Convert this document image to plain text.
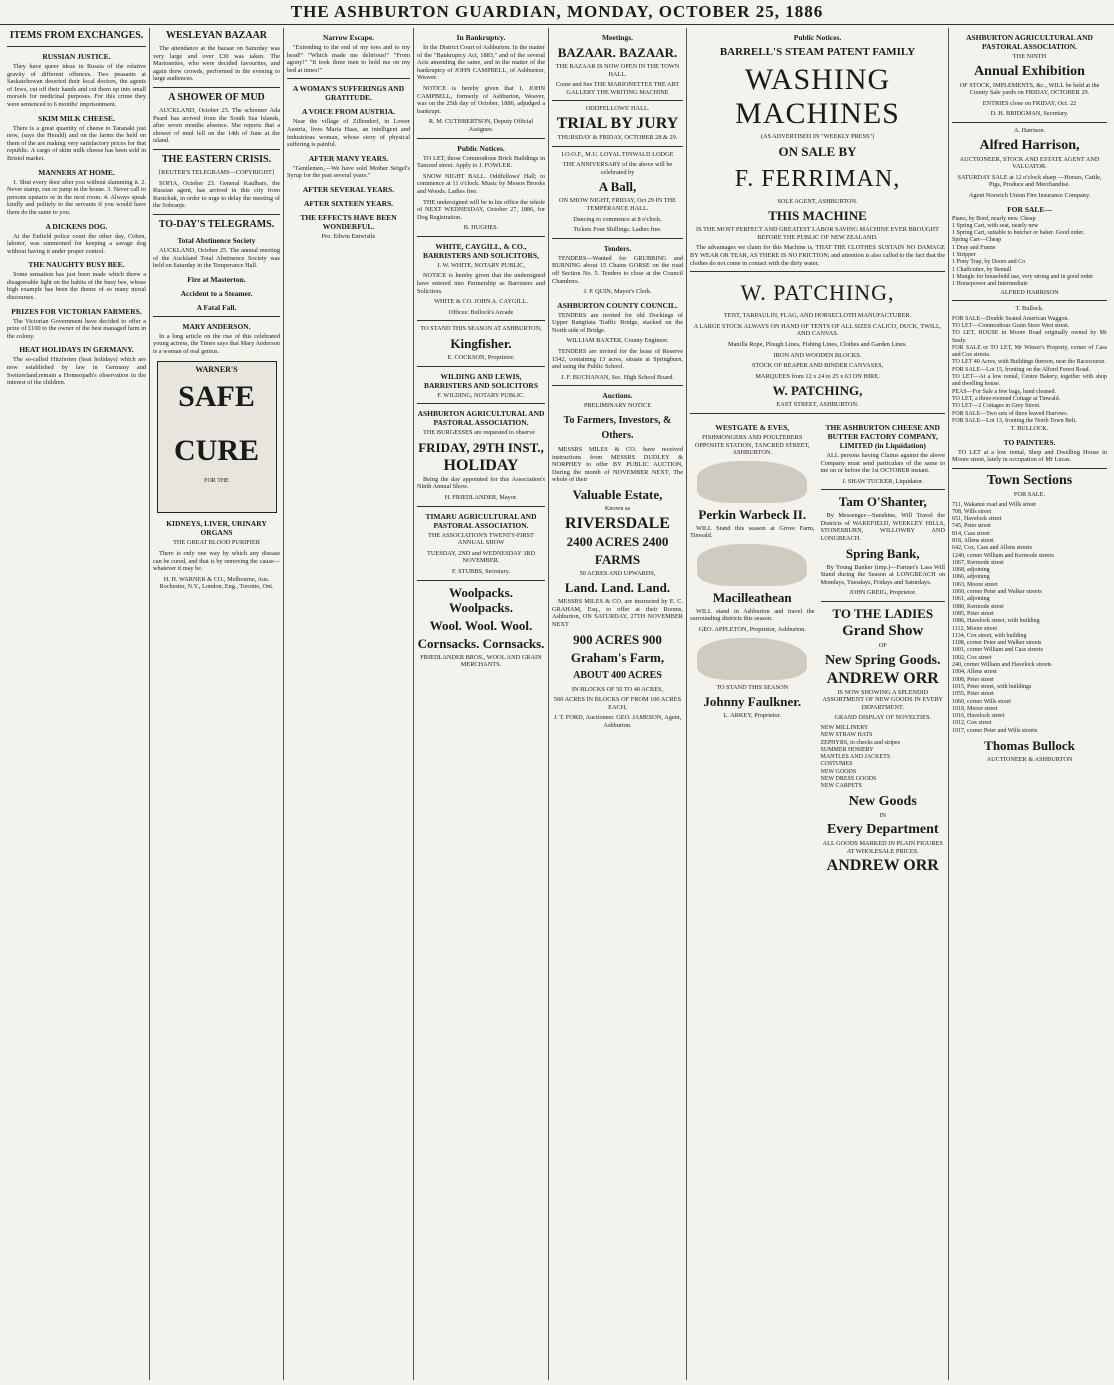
THE ASHBURTON GUARDIAN, MONDAY, OCTOBER 25, 1886
ITEMS FROM EXCHANGES.
RUSSIAN JUSTICE.

They have queer ideas in Russia of the relative gravity of different offences. Two peasants at Saskatchewan deserted their local doctors, the agents of Jews, cut off their hands and cut them up into small morsels for medicinal purposes. For this crime they were sentenced to 6 months' imprisonment.

SKIM MILK CHEESE.

There is a great quantity of cheese to Taranaki just now, (says the Herald) and on the farms the held on them of the are making very satisfactory prices for that republic. A cargo of skim milk cheese has been sold in Bristol market.

MANNERS AT HOME.

1. Shut every door after you without slamming it. 2. Never stamp, run or jump in the house. 3. Never call to persons upstairs or in the next room. 4. Always speak kindly and politely to the servants if you would have them do the same to you.

A DICKENS DOG.

At the Enfield police court the other day, Cohen, laborer, was summoned for keeping a savage dog without having it under proper control.

THE NAUGHTY BUSY BEE.

Some sensation has just been made which threw a disagreeable light on the habits of the busy bee, whose high example has been the theme of so many moral discourses.

PRIZES FOR VICTORIAN FARMERS.

The Victorian Government have decided to offer a prize of £100 to the owner of the best managed farm in the colony.

HEAT HOLIDAYS IN GERMANY.

The so-called Hitzferien (heat holidays) which are now established by law in Germany and Switzerland,remain a Homeopath's observation in the interest of the children.

WESLEYAN BAZAAR

The attendance at the bazaar on Saturday was very large and over £30 was taken. The Marionettes, who were decided favourites, and again drew crowds, performed in the evening to large audiences.

A SHOWER OF MUD

AUCKLAND, October 25. The schooner Ada Peard has arrived from the South Sea Islands, after seven months absence. She reports that a shower of mud fell on the 14th of June at the island.

THE EASTERN CRISIS.

[REUTER'S TELEGRAMS—COPYRIGHT]

SOFIA, October 23. General Kaulbars, the Russian agent, has arrived in this city from Rustchuk, in order to urge to delay the meeting of the Sobranje.

TO-DAY'S TELEGRAMS.
Total Abstinence Society

AUCKLAND, October 25. The annual meeting of the Auckland Total Abstinence Society was held on Saturday in the Temperance Hall.

Fire at Masterton.
Accident to a Steamer.
A Fatal Fall.
MARY ANDERSON.

In a long article on the rise of this celebrated young actress, the Times says that Mary Anderson is a woman of real genius.

WARNER'S
SAFE
CURE
FOR THE
KIDNEYS, LIVER, URINARY ORGANS

THE GREAT BLOOD PURIFIER

There is only one way by which any disease can be cured, and that is by removing the cause—whatever it may be.

H. H. WARNER & CO., Melbourne, Aus. Rochester, N.Y., London, Eng., Toronto, Ont.

Narrow Escape.

"Extending to the end of my toes and to my head!" "Which made me delirious!" "From agony!" "It took three men to hold me on my bed at times!"

A WOMAN'S SUFFERINGS AND GRATITUDE.
A VOICE FROM AUSTRIA.

Near the village of Zillendorf, in Lower Austria, lives Maria Haas, an intelligent and industrious woman, whose story of physical suffering is painful.

AFTER MANY YEARS.

"Gentlemen,—We have sold Mother Seigel's Syrup for the past several years."

AFTER SEVERAL YEARS.
AFTER SIXTEEN YEARS.
THE EFFECTS HAVE BEEN WONDERFUL.

Pro. Edwin Entwistle

In Bankruptcy.

In the District Court of Ashburton. In the matter of the "Bankruptcy Act, 1883," and of the several Acts amending the same, and in the matter of the bankruptcy of JOHN CAMPBELL, of Ashburton, Weaver.

NOTICE is hereby given that I, JOHN CAMPBELL, formerly of Ashburton, Weaver, was on the 25th day of October, 1886, adjudged a bankrupt.

R. M. CUTHBERTSON, Deputy Official Assignee.

Public Notices.

TO LET, those Commodious Brick Buildings in Tancred street. Apply to J. FOWLER.

SNOW NIGHT BALL. Oddfellows' Hall; to commence at 11 o'clock. Music by Messrs Brooks and Woods. Ladies free.

THE undersigned will be in his office the whole of NEXT WEDNESDAY, October 27, 1886, for Dog Registration.

B. HUGHES.

WHITE, CAYGILL, & CO., BARRISTERS AND SOLICITORS,

J. W. WHITE, NOTARY PUBLIC,

NOTICE is hereby given that the undersigned have entered into Partnership as Barristers and Solicitors.

WHITE & CO. JOHN A. CAYGILL.

Offices: Bullock's Arcade

TO STAND THIS SEASON AT ASHBURTON,

Kingfisher.

E. COCKSON, Proprietor.

WILDING AND LEWIS, BARRISTERS AND SOLICITORS

F. WILDING, NOTARY PUBLIC.

ASHBURTON AGRICULTURAL AND PASTORAL ASSOCIATION.

THE BURGESSES are requested to observe

FRIDAY, 29TH INST.,
HOLIDAY

Being the day appointed for this Association's Ninth Annual Show.

H. FRIEDLANDER, Mayor.

TIMARU AGRICULTURAL AND PASTORAL ASSOCIATION.

THE ASSOCIATION'S TWENTY-FIRST ANNUAL SHOW

TUESDAY, 2ND and WEDNESDAY 3RD NOVEMBER.

F. STUBBS, Secretary.

Woolpacks. Woolpacks.
Wool. Wool. Wool.
Cornsacks. Cornsacks.

FRIEDLANDER BROS., WOOL AND GRAIN MERCHANTS.

Meetings.
BAZAAR. BAZAAR.

THE BAZAAR IS NOW OPEN IN THE TOWN HALL.

Come and See THE MARIONETTES THE ART GALLERY THE WRITING MACHINE

ODDFELLOWS' HALL.

TRIAL BY JURY

THURSDAY & FRIDAY, OCTOBER 28 & 29.

I.O.O.F., M.U. LOYAL TINWALD LODGE

THE ANNIVERSARY of the above will be celebrated by

A Ball,

ON SHOW NIGHT, FRIDAY, Oct 29 IN THE TEMPERANCE HALL.

Dancing to commence at 8 o'clock.

Tickets Four Shillings. Ladies free.

Tenders.

TENDERS—Wanted for GRUBBING and BURNING about 15 Chains GORSE on the road off Section No. 5. Tenders to close at the Council Chambers.

J. P. QUIN, Mayor's Clerk.

ASHBURTON COUNTY COUNCIL.

TENDERS are invited for old Dockings of Upper Rangitata Traffic Bridge, stacked on the North side of Bridge.

WILLIAM BAXTER, County Engineer.

TENDERS are invited for the lease of Reserve 1542, containing 13 acres, situate at Springburn, and using the Public School.

J. F. BUCHANAN, Sec. High School Board.

Auctions.

PRELIMINARY NOTICE

To Farmers, Investors, & Others.

MESSRS MILES & CO. have received instructions from MESSRS DUDLEY & NORPHEY to offer BY PUBLIC AUCTION, During the month of NOVEMBER NEXT, The whole of their

Valuable Estate,

Known as

RIVERSDALE
2400 ACRES 2400
FARMS

50 ACRES AND UPWARDS,

Land. Land. Land.

MESSRS MILES & CO. are instructed by E. C. GRAHAM, Esq., to offer at their Rooms, Ashburton, ON SATURDAY, 27TH NOVEMBER NEXT

900 ACRES 900
Graham's Farm,
ABOUT 400 ACRES

IN BLOCKS OF 50 TO 40 ACRES,

500 ACRES IN BLOCKS OF FROM 100 ACRES EACH,

J. T. FORD, Auctioneer. GEO. JAMESON, Agent, Ashburton.

Public Notices.
BARRELL'S STEAM PATENT FAMILY
WASHING MACHINES

(AS ADVERTISED IN "WEEKLY PRESS")

ON SALE BY
F. FERRIMAN,

SOLE AGENT, ASHBURTON.

THIS MACHINE

IS THE MOST PERFECT AND GREATEST LABOR SAVING MACHINE EVER BROUGHT BEFORE THE PUBLIC OF NEW ZEALAND.

The advantages we claim for this Machine is, THAT THE CLOTHES SUSTAIN NO DAMAGE BY WEAR OR TEAR, AS THERE IS NO FRICTION; and attention is also called to the fact that the clothes do not come in contact with the dirty water.

W. PATCHING,

TENT, TARPAULIN, FLAG, AND HORSECLOTH MANUFACTURER.

A LARGE STOCK ALWAYS ON HAND OF TENTS OF ALL SIZES CALICO, DUCK, TWILL, AND CANVAS.

Manilla Rope, Plough Lines, Fishing Lines, Clothes and Garden Lines.

IRON AND WOODEN BLOCKS.

STOCK OF REAPER AND BINDER CANVASES,

MARQUEES from 12 x 24 to 25 x 63 ON HIRE.

W. PATCHING,

EAST STREET, ASHBURTON.

WESTGATE & EVES,

FISHMONGERS AND POULTERERS OPPOSITE STATION, TANCRED STREET, ASHBURTON.

Perkin Warbeck II.

WILL Stand this season at Grove Farm, Tinwald.

Macilleathean

WILL stand in Ashburton and travel the surrounding districts this season.

GEO. APPLETON, Proprietor, Ashburton.

TO STAND THIS SEASON

Johnny Faulkner.

L. ARKEY, Proprietor.

THE ASHBURTON CHEESE AND BUTTER FACTORY COMPANY, LIMITED (in Liquidation)

ALL persons having Claims against the above Company must send particulars of the same to me on or before the 1st OCTOBER instant.

J. SHAW TUCKER, Liquidator.

Tam O'Shanter,

By Messenger—Sunshine, Will Travel the Districts of WAKEFIELD, WEEKLEY HILLS, STONESBURN, WILLOWBY AND LONGBEACH.

Spring Bank,

By Young Banker (imp.)—Farmer's Lass Will Stand during the Season at LONGBEACH on Mondays, Tuesdays, Fridays and Saturdays.

JOHN GREIG, Proprietor.

TO THE LADIES
Grand Show

OF

New Spring Goods.
ANDREW ORR

IS NOW SHOWING A SPLENDID ASSORTMENT OF NEW GOODS IN EVERY DEPARTMENT.

GRAND DISPLAY OF NOVELTIES.

NEW MILLINERY
NEW STRAW HATS
ZEPHYRS, in checks and stripes
SUMMER HOSIERY
MANTLES AND JACKETS
COSTUMES
NEW GOODS
NEW DRESS GOODS
NEW CARPETS
New Goods

IN

Every Department

ALL GOODS MARKED IN PLAIN FIGURES AT WHOLESALE PRICES.

ANDREW ORR
ASHBURTON AGRICULTURAL AND PASTORAL ASSOCIATION.

THE NINTH

Annual Exhibition

OF STOCK, IMPLEMENTS, &c., WILL be held at the County Sale yards on FRIDAY, OCTOBER 29.

ENTRIES close on FRIDAY, Oct. 22

D. H. BRIDGMAN, Secretary.

A. Harrison.

Alfred Harrison,

AUCTIONEER, STOCK AND ESTATE AGENT AND VALUATOR.

SATURDAY SALE at 12 o'clock sharp —Horses, Cattle, Pigs, Produce and Merchandise.

Agent Norwich Union Fire Insurance Company.

FOR SALE—
Piano, by Bord, nearly new. Cheap
1 Spring Cart, with seat, nearly new
1 Spring Cart, suitable to butcher or baker. Good order.
Spring Cart—Cheap
1 Dray and Frame
1 Stripper
1 Pony Trap, by Doors and Co
1 Chaffcutter, by Bentall
1 Mangle for household use, very strong and in good order
1 Horsepower and Intermediate

ALFRED HARRISON

T. Bullock.

FOR SALE—Double Seated American Waggon.
TO LET—Commodious Grain Store West street.
TO LET, HOUSE in Moore Road originally owned by Mr Sealy.
FOR SALE or TO LET, Mr Winser's Property, corner of Cass and Cox streets.
TO LET 40 Acres, with Buildings thereon, near the Racecourse.
FOR SALE—Lot 15, fronting on the Alford Forest Road.
TO LET—At a low rental, Centre Bakery, together with shop and dwelling house.
PEAS—For Sale a few bags, hand cleaned.
TO LET, a three-roomed Cottage at Tinwald.
TO LET—2 Cottages in Grey Street.
FOR SALE—Two sets of three leaved Harrows.
FOR SALE—Lot 13, fronting the North Town Belt.

T. BULLOCK.

TO PAINTERS.

TO LET at a low rental, Shop and Dwelling House in Moore street, lately in occupation of Mr Lucas.

Town Sections

FOR SALE.

711, Wakanui road and Wills street
708, Wills street
651, Havelock street
745, Peter street
814, Cass street
818, Allens street
642, Cox, Cass and Allens streets
1240, corner William and Kermode streets
1067, Kermode street
1068, adjoining
1066, adjoining
1063, Moore street
1060, corner Peter and Walker streets
1061, adjoining
1080, Kermode street
1085, Peter street
1086, Havelock street, with building
1112, Moore street
1134, Cox street, with building
1108, corner Peter and Walker streets
1001, corner William and Cass streets
1002, Cox street
240, corner William and Havelock streets
1004, Allens street
1008, Peter street
1015, Peter street, with buildings
1055, Peter street
1060, corner Wills street
1018, Moore street
1016, Havelock street
1012, Cox street
1017, corner Peter and Wills streets
Thomas Bullock

AUCTIONEER & ASHBURTON
